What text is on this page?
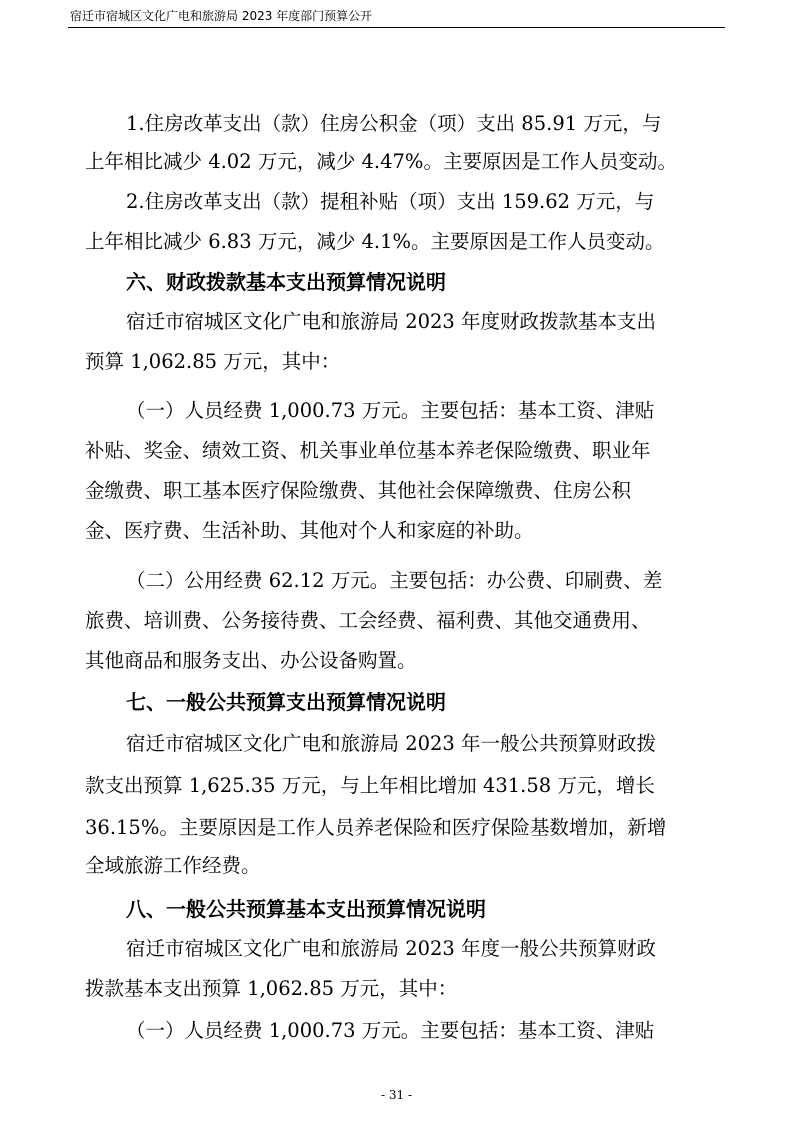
宿迁市宿城区文化广电和旅游局 2023 年度部门预算公开
1.住房改革支出（款）住房公积金（项）支出 85.91 万元，与
上年相比减少 4.02 万元，减少 4.47%。主要原因是工作人员变动。
2.住房改革支出（款）提租补贴（项）支出 159.62 万元，与
上年相比减少 6.83 万元，减少 4.1%。主要原因是工作人员变动。
六、财政拨款基本支出预算情况说明
宿迁市宿城区文化广电和旅游局 2023 年度财政拨款基本支出
预算 1,062.85 万元，其中：
（一）人员经费 1,000.73 万元。主要包括：基本工资、津贴
补贴、奖金、绩效工资、机关事业单位基本养老保险缴费、职业年
金缴费、职工基本医疗保险缴费、其他社会保障缴费、住房公积
金、医疗费、生活补助、其他对个人和家庭的补助。
（二）公用经费 62.12 万元。主要包括：办公费、印刷费、差
旅费、培训费、公务接待费、工会经费、福利费、其他交通费用、
其他商品和服务支出、办公设备购置。
七、一般公共预算支出预算情况说明
宿迁市宿城区文化广电和旅游局 2023 年一般公共预算财政拨
款支出预算 1,625.35 万元，与上年相比增加 431.58 万元，增长
36.15%。主要原因是工作人员养老保险和医疗保险基数增加，新增
全域旅游工作经费。
八、一般公共预算基本支出预算情况说明
宿迁市宿城区文化广电和旅游局 2023 年度一般公共预算财政
拨款基本支出预算 1,062.85 万元，其中：
（一）人员经费 1,000.73 万元。主要包括：基本工资、津贴
- 31 -
